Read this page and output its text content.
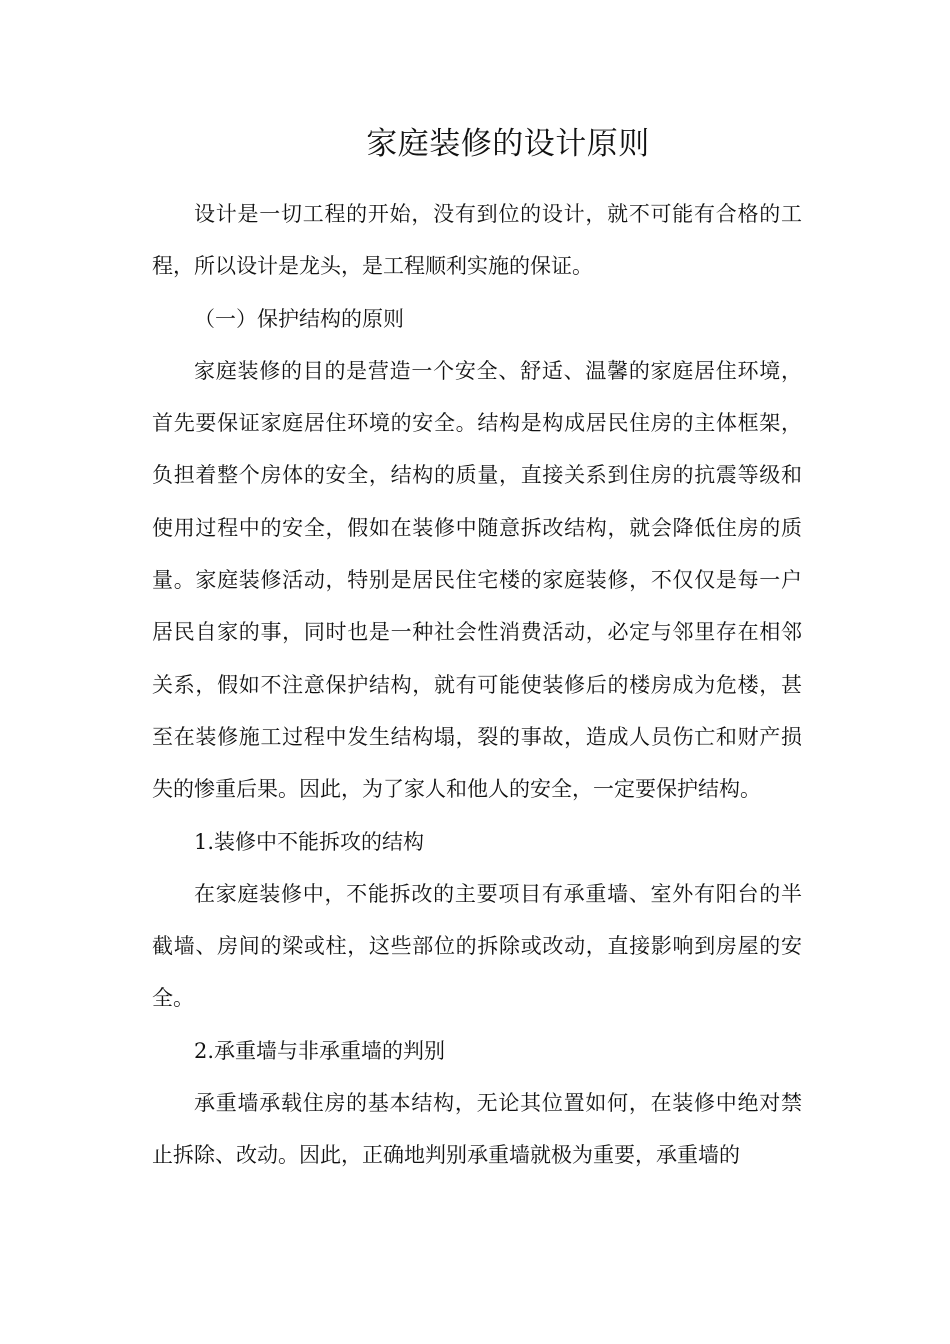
家庭装修的设计原则

设计是一切工程的开始，没有到位的设计，就不可能有合格的工程，所以设计是龙头，是工程顺利实施的保证。

（一）保护结构的原则

家庭装修的目的是营造一个安全、舒适、温馨的家庭居住环境，首先要保证家庭居住环境的安全。结构是构成居民住房的主体框架，负担着整个房体的安全，结构的质量，直接关系到住房的抗震等级和使用过程中的安全，假如在装修中随意拆改结构，就会降低住房的质量。家庭装修活动，特别是居民住宅楼的家庭装修，不仅仅是每一户居民自家的事，同时也是一种社会性消费活动，必定与邻里存在相邻关系，假如不注意保护结构，就有可能使装修后的楼房成为危楼，甚至在装修施工过程中发生结构塌，裂的事故，造成人员伤亡和财产损失的惨重后果。因此，为了家人和他人的安全，一定要保护结构。

1.装修中不能拆攻的结构

在家庭装修中，不能拆改的主要项目有承重墙、室外有阳台的半截墙、房间的梁或柱，这些部位的拆除或改动，直接影响到房屋的安全。

2.承重墙与非承重墙的判别

承重墙承载住房的基本结构，无论其位置如何，在装修中绝对禁止拆除、改动。因此，正确地判别承重墙就极为重要，承重墙的
